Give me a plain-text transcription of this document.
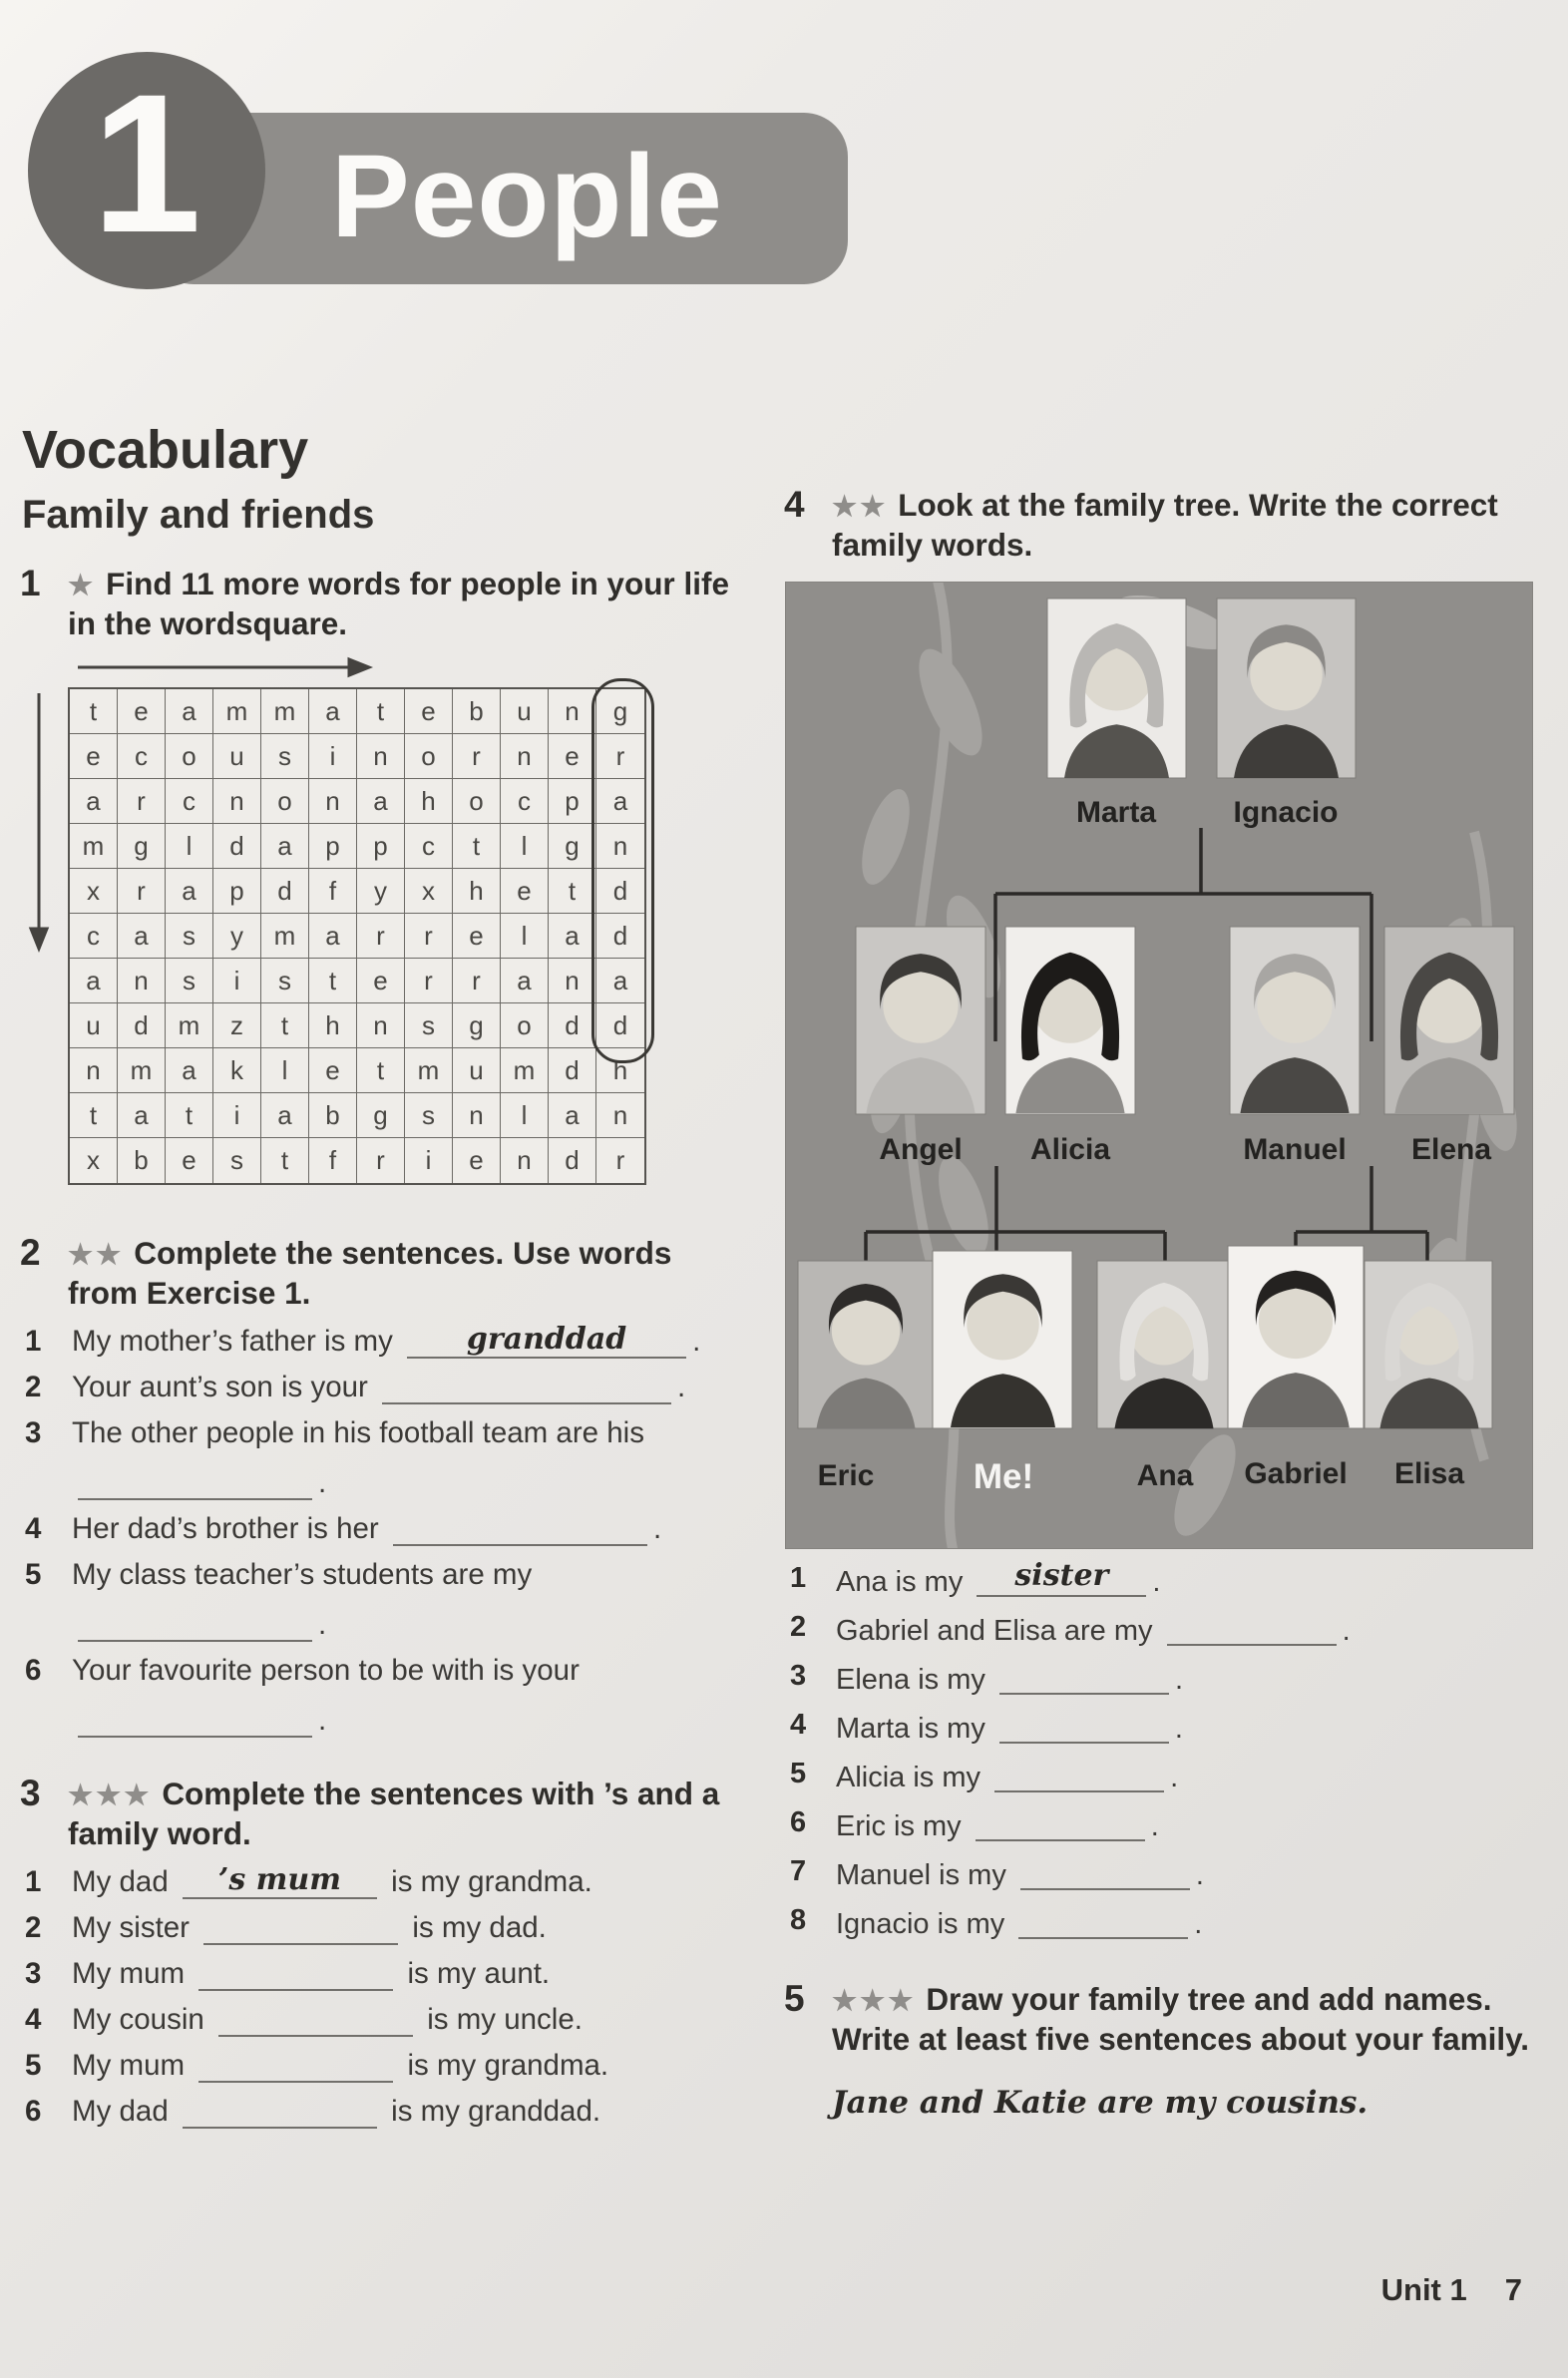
People
1
Vocabulary
Family and friends
1 ★ Find 11 more words for people in your life in the wordsquare.
t	e	a	m	m	a	t	e	b	u	n	g
e	c	o	u	s	i	n	o	r	n	e	r
a	r	c	n	o	n	a	h	o	c	p	a
m	g	l	d	a	p	p	c	t	l	g	n
x	r	a	p	d	f	y	x	h	e	t	d
c	a	s	y	m	a	r	r	e	l	a	d
a	n	s	i	s	t	e	r	r	a	n	a
u	d	m	z	t	h	n	s	g	o	d	d
n	m	a	k	l	e	t	m	u	m	d	h
t	a	t	i	a	b	g	s	n	l	a	n
x	b	e	s	t	f	r	i	e	n	d	r
2 ★★ Complete the sentences. Use words from Exercise 1.
1 My mother’s father is my granddad .
2 Your aunt’s son is your	.
3 The other people in his football team are his
.
4 Her dad’s brother is her	.
5 My class teacher’s students are my
.
6 Your favourite person to be with is your
.
3 ★★★ Complete the sentences with ’s and a family word.
1 My dad ’s mum is my grandma.
2 My sister	is my dad.
3 My mum	is my aunt.
4 My cousin	is my uncle.
5 My mum	is my grandma.
6 My dad	is my granddad.
4 ★★ Look at the family tree. Write the correct family words.
Marta	Ignacio
Angel Alicia	Manuel Elena
Eric	Me!	Ana Gabriel Elisa
1 Ana is my sister .
2 Gabriel and Elisa are my	.
3 Elena is my	.
4 Marta is my	.
5 Alicia is my	.
6 Eric is my	.
7 Manuel is my	.
8 Ignacio is my	.
5 ★★★ Draw your family tree and add names. Write at least five sentences about your family.
Jane and Katie are my cousins.
Unit 1 7
